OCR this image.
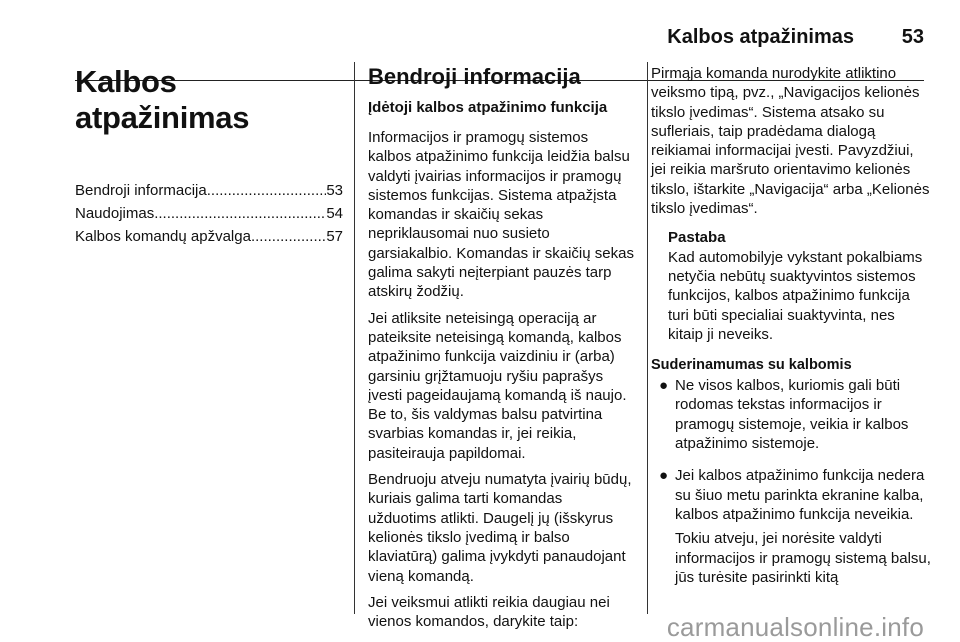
Kalbos atpažinimas 53
Kalbos atpažinimas
Bendroji informacija .....	53
Naudojimas .....	54
Kalbos komandų apžvalga .....	57
Bendroji informacija
Įdėtoji kalbos atpažinimo funkcija

Informacijos ir pramogų sistemos kalbos atpažinimo funkcija leidžia balsu valdyti įvairias informacijos ir pramogų sistemos funkcijas. Sistema atpažįsta komandas ir skaičių sekas nepriklausomai nuo susieto garsiakalbio. Komandas ir skaičių sekas galima sakyti neįterpiant pauzės tarp atskirų žodžių.

Jei atliksite neteisingą operaciją ar pateiksite neteisingą komandą, kalbos atpažinimo funkcija vaizdiniu ir (arba) garsiniu grįžtamuoju ryšiu paprašys įvesti pageidaujamą komandą iš naujo. Be to, šis valdymas balsu patvirtina svarbias komandas ir, jei reikia, pasiteirauja papildomai.

Bendruoju atveju numatyta įvairių būdų, kuriais galima tarti komandas užduotims atlikti. Daugelį jų (išskyrus kelionės tikslo įvedimą ir balso klaviatūrą) galima įvykdyti panaudojant vieną komandą.

Jei veiksmui atlikti reikia daugiau nei vienos komandos, darykite taip:

Pirmąja komanda nurodykite atliktino veiksmo tipą, pvz., „Navigacijos kelionės tikslo įvedimas“. Sistema atsako su sufleriais, taip pradėdama dialogą reikiamai informacijai įvesti. Pavyzdžiui, jei reikia maršruto orientavimo kelionės tikslo, ištarkite „Navigacija“ arba „Kelionės tikslo įvedimas“.

Pastaba
Kad automobilyje vykstant pokalbiams netyčia nebūtų suaktyvintos sistemos funkcijos, kalbos atpažinimo funkcija turi būti specialiai suaktyvinta, nes kitaip ji neveiks.
Suderinamumas su kalbomis
● Ne visos kalbos, kuriomis gali būti rodomas tekstas informacijos ir pramogų sistemoje, veikia ir kalbos atpažinimo sistemoje.

● Jei kalbos atpažinimo funkcija nedera su šiuo metu parinkta ekranine kalba, kalbos atpažinimo funkcija neveikia.

Tokiu atveju, jei norėsite valdyti informacijos ir pramogų sistemą balsu, jūs turėsite pasirinkti kitą

carmanualsonline.info
